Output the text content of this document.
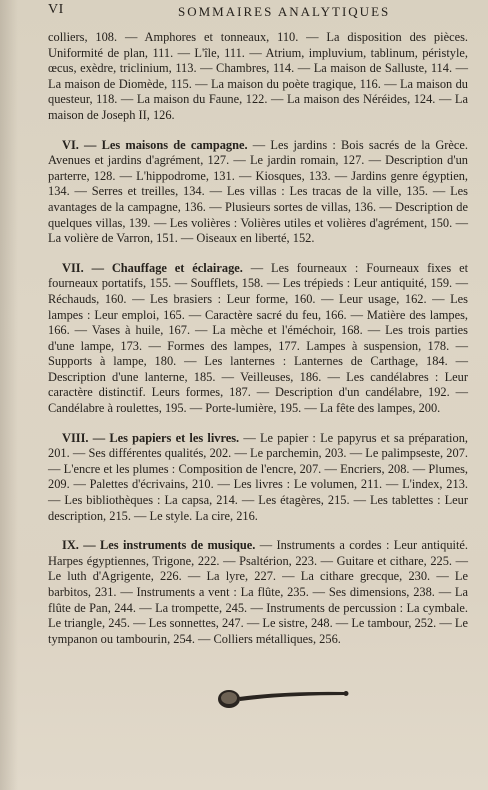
VI	SOMMAIRES ANALYTIQUES

colliers, 108. — Amphores et tonneaux, 110. — La disposition des pièces. Uniformité de plan, 111. — L'île, 111. — Atrium, impluvium, tablinum, péristyle, œcus, exèdre, triclinium, 113. — Chambres, 114. — La maison de Salluste, 114. — La maison de Diomède, 115. — La maison du poète tragique, 116. — La maison du questeur, 118. — La maison du Faune, 122. — La maison des Néréides, 124. — La maison de Joseph II, 126.

VI. — Les maisons de campagne. — Les jardins : Bois sacrés de la Grèce. Avenues et jardins d'agrément, 127. — Le jardin romain, 127. — Description d'un parterre, 128. — L'hippodrome, 131. — Kiosques, 133. — Jardins genre égyptien, 134. — Serres et treilles, 134. — Les villas : Les tracas de la ville, 135. — Les avantages de la campagne, 136. — Plusieurs sortes de villas, 136. — Description de quelques villas, 139. — Les volières : Volières utiles et volières d'agrément, 150. — La volière de Varron, 151. — Oiseaux en liberté, 152.

VII. — Chauffage et éclairage. — Les fourneaux : Fourneaux fixes et fourneaux portatifs, 155. — Soufflets, 158. — Les trépieds : Leur antiquité, 159. — Réchauds, 160. — Les brasiers : Leur forme, 160. — Leur usage, 162. — Les lampes : Leur emploi, 165. — Caractère sacré du feu, 166. — Matière des lampes, 166. — Vases à huile, 167. — La mèche et l'éméchoir, 168. — Les trois parties d'une lampe, 173. — Formes des lampes, 177. Lampes à suspension, 178. — Supports à lampe, 180. — Les lanternes : Lanternes de Carthage, 184. — Description d'une lanterne, 185. — Veilleuses, 186. — Les candélabres : Leur caractère distinctif. Leurs formes, 187. — Description d'un candélabre, 192. — Candélabre à roulettes, 195. — Porte-lumière, 195. — La fête des lampes, 200.

VIII. — Les papiers et les livres. — Le papier : Le papyrus et sa préparation, 201. — Ses différentes qualités, 202. — Le parchemin, 203. — Le palimpseste, 207. — L'encre et les plumes : Composition de l'encre, 207. — Encriers, 208. — Plumes, 209. — Palettes d'écrivains, 210. — Les livres : Le volumen, 211. — L'index, 213. — Les bibliothèques : La capsa, 214. — Les étagères, 215. — Les tablettes : Leur description, 215. — Le style. La cire, 216.

IX. — Les instruments de musique. — Instruments a cordes : Leur antiquité. Harpes égyptiennes, Trigone, 222. — Psaltérion, 223. — Guitare et cithare, 225. — Le luth d'Agrigente, 226. — La lyre, 227. — La cithare grecque, 230. — Le barbitos, 231. — Instruments a vent : La flûte, 235. — Ses dimensions, 238. — La flûte de Pan, 244. — La trompette, 245. — Instruments de percussion : La cymbale. Le triangle, 245. — Les sonnettes, 247. — Le sistre, 248. — Le tambour, 252. — Le tympanon ou tambourin, 254. — Colliers métalliques, 256.
